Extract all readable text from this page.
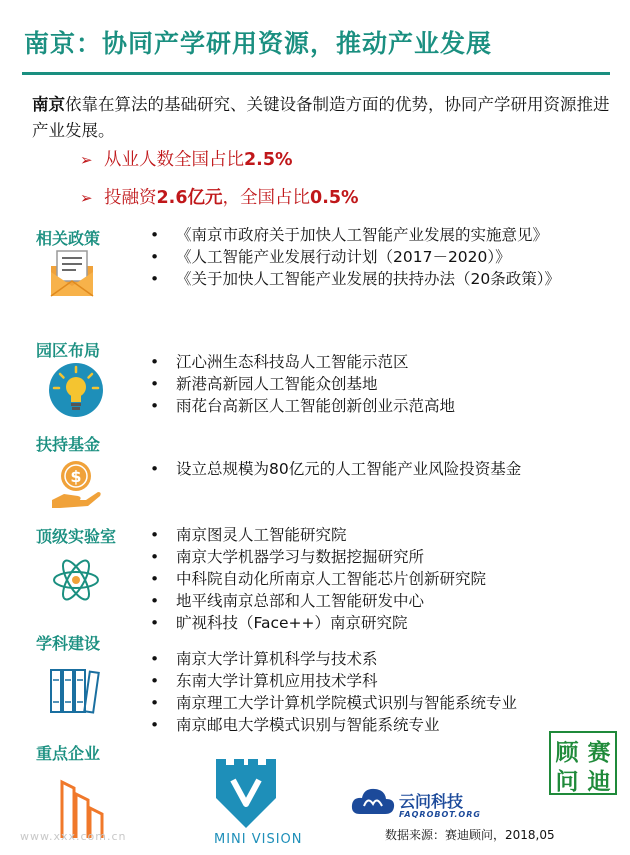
南京：协同产学研用资源，推动产业发展
南京依靠在算法的基础研究、关键设备制造方面的优势，协同产学研用资源推进产业发展。
➢ 从业人数全国占比2.5%
➢ 投融资2.6亿元，全国占比0.5%
相关政策	• 《南京市政府关于加快人工智能产业发展的实施意见》
• 《人工智能产业发展行动计划（2017－2020）》
• 《关于加快人工智能产业发展的扶持办法（20条政策）》
园区布局
• 江心洲生态科技岛人工智能示范区
• 新港高新园人工智能众创基地
• 雨花台高新区人工智能创新创业示范高地
扶持基金
$	• 设立总规模为80亿元的人工智能产业风险投资基金
顶级实验室	• 南京图灵人工智能研究院
• 南京大学机器学习与数据挖掘研究所
• 中科院自动化所南京人工智能芯片创新研究院
• 地平线南京总部和人工智能研发中心
• 旷视科技（Face++）南京研究院
学科建设
• 南京大学计算机科学与技术系
• 东南大学计算机应用技术学科
• 南京理工大学计算机学院模式识别与智能系统专业
• 南京邮电大学模式识别与智能系统专业
重点企业
MINI VISION
云问科技
FAQROBOT.ORG
顾 赛
问 迪
www.xxx.com.cn	数据来源：赛迪顾问，2018,05
